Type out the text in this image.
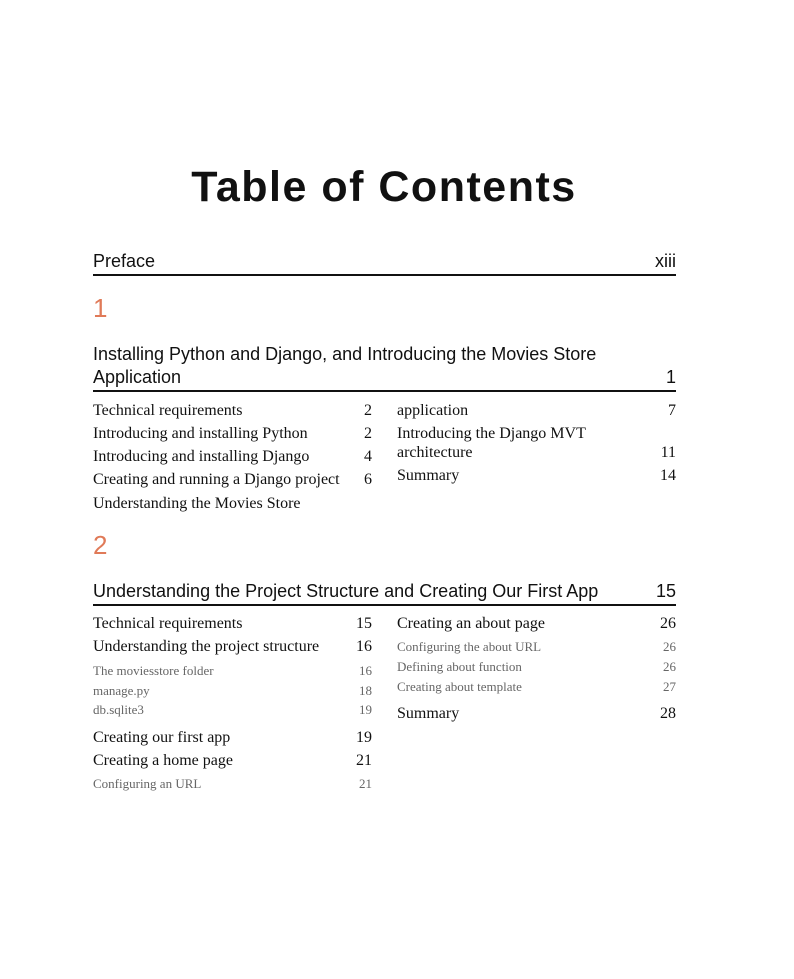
Table of Contents
Preface	xiii
1
Installing Python and Django, and Introducing the Movies Store Application	1
Technical requirements	2
Introducing and installing Python	2
Introducing and installing Django	4
Creating and running a Django project 6
Understanding the Movies Store
application	7
Introducing the Django MVT architecture	11
Summary	14
2
Understanding the Project Structure and Creating Our First App	15
Technical requirements	15
Understanding the project structure 16
The moviesstore folder	16
manage.py	18
db.sqlite3	19
Creating our first app	19
Creating a home page	21
Configuring an URL	21
Creating an about page	26
Configuring the about URL	26
Defining about function	26
Creating about template	27
Summary	28
